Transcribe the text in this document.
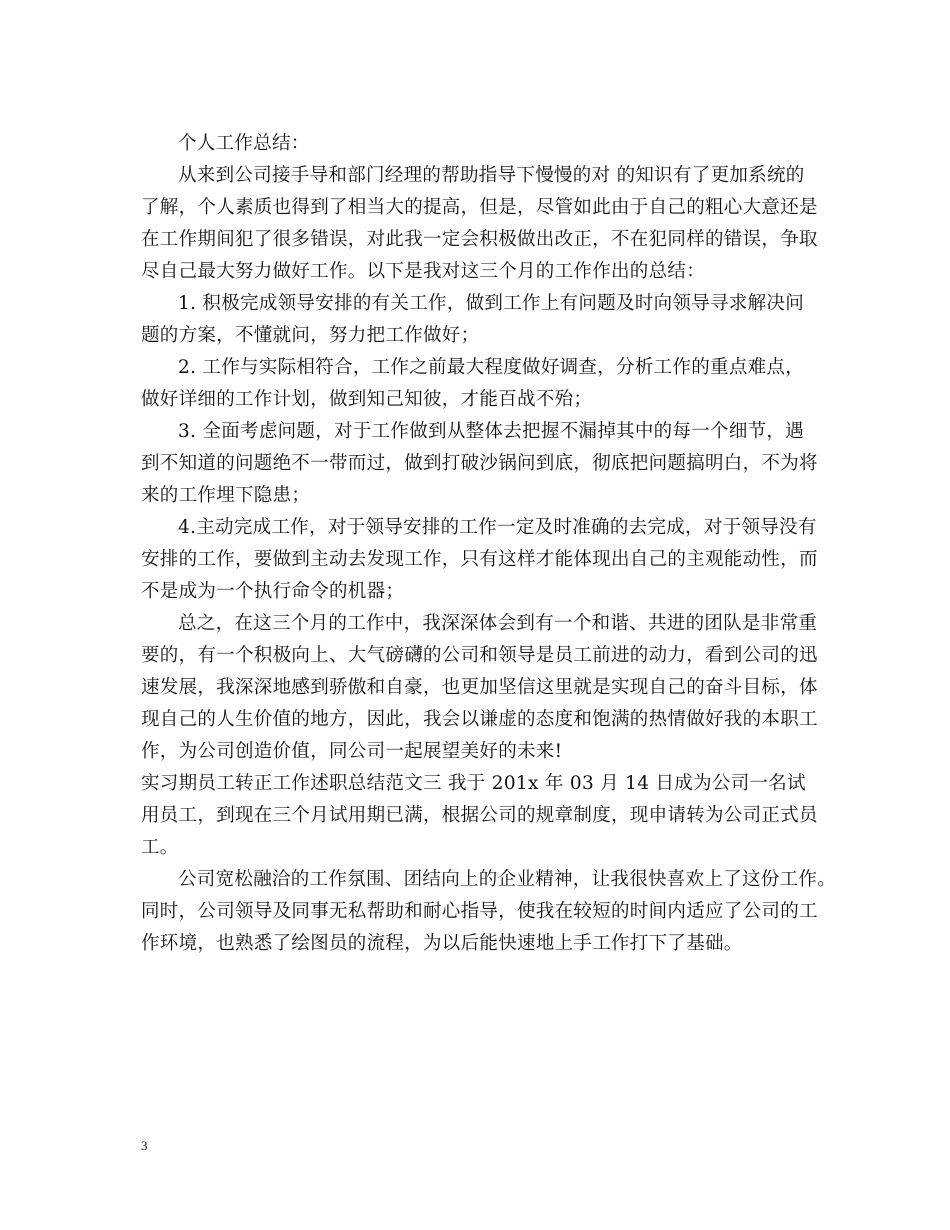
个人工作总结：
从来到公司接手导和部门经理的帮助指导下慢慢的对 的知识有了更加系统的
了解，个人素质也得到了相当大的提高，但是，尽管如此由于自己的粗心大意还是
在工作期间犯了很多错误，对此我一定会积极做出改正，不在犯同样的错误，争取
尽自己最大努力做好工作。以下是我对这三个月的工作作出的总结：
1. 积极完成领导安排的有关工作，做到工作上有问题及时向领导寻求解决问
题的方案，不懂就问，努力把工作做好；
2. 工作与实际相符合，工作之前最大程度做好调查，分析工作的重点难点，
做好详细的工作计划，做到知己知彼，才能百战不殆；
3. 全面考虑问题，对于工作做到从整体去把握不漏掉其中的每一个细节，遇
到不知道的问题绝不一带而过，做到打破沙锅问到底，彻底把问题搞明白，不为将
来的工作埋下隐患；
4.主动完成工作，对于领导安排的工作一定及时准确的去完成，对于领导没有
安排的工作，要做到主动去发现工作，只有这样才能体现出自己的主观能动性，而
不是成为一个执行命令的机器；
总之，在这三个月的工作中，我深深体会到有一个和谐、共进的团队是非常重
要的，有一个积极向上、大气磅礴的公司和领导是员工前进的动力，看到公司的迅
速发展，我深深地感到骄傲和自豪，也更加坚信这里就是实现自己的奋斗目标，体
现自己的人生价值的地方，因此，我会以谦虚的态度和饱满的热情做好我的本职工
作，为公司创造价值，同公司一起展望美好的未来!
实习期员工转正工作述职总结范文三 我于 201x 年 03 月 14 日成为公司一名试
用员工，到现在三个月试用期已满，根据公司的规章制度，现申请转为公司正式员
工。
公司宽松融洽的工作氛围、团结向上的企业精神，让我很快喜欢上了这份工作。
同时，公司领导及同事无私帮助和耐心指导，使我在较短的时间内适应了公司的工
作环境，也熟悉了绘图员的流程，为以后能快速地上手工作打下了基础。
3
